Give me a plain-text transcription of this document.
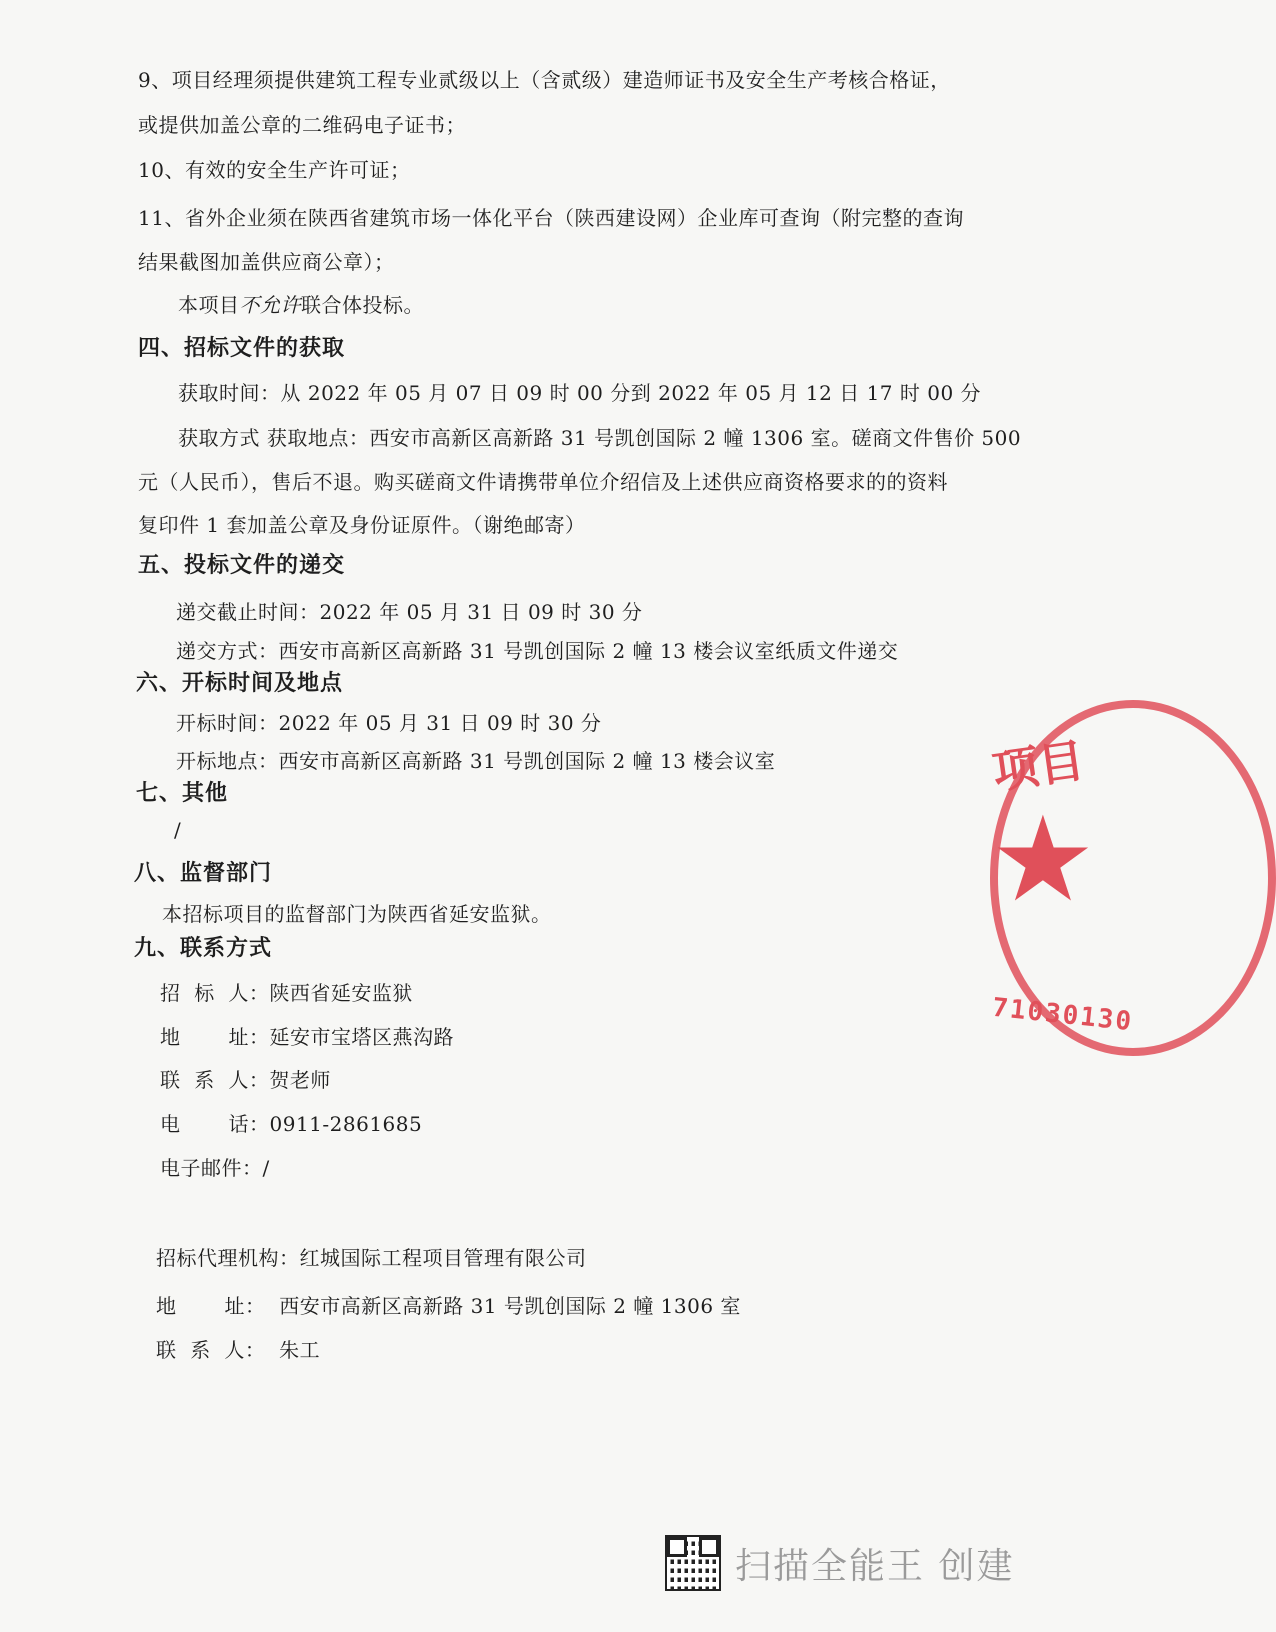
9、项目经理须提供建筑工程专业贰级以上（含贰级）建造师证书及安全生产考核合格证，
或提供加盖公章的二维码电子证书；
10、有效的安全生产许可证；
11、省外企业须在陕西省建筑市场一体化平台（陕西建设网）企业库可查询（附完整的查询
结果截图加盖供应商公章）；
本项目不允许联合体投标。
四、招标文件的获取
获取时间：从 2022 年 05 月 07 日 09 时 00 分到 2022 年 05 月 12 日 17 时 00 分
获取方式 获取地点：西安市高新区高新路 31 号凯创国际 2 幢 1306 室。磋商文件售价 500
元（人民币），售后不退。购买磋商文件请携带单位介绍信及上述供应商资格要求的的资料
复印件 1 套加盖公章及身份证原件。（谢绝邮寄）
五、投标文件的递交
递交截止时间：2022 年 05 月 31 日 09 时 30 分
递交方式：西安市高新区高新路 31 号凯创国际 2 幢 13 楼会议室纸质文件递交
六、开标时间及地点
开标时间：2022 年 05 月 31 日 09 时 30 分
开标地点：西安市高新区高新路 31 号凯创国际 2 幢 13 楼会议室
七、其他
/
八、监督部门
本招标项目的监督部门为陕西省延安监狱。
九、联系方式
招  标  人：陕西省延安监狱
地       址：延安市宝塔区燕沟路
联  系  人：贺老师
电       话：0911-2861685
电子邮件：/
招标代理机构：红城国际工程项目管理有限公司
地       址：  西安市高新区高新路 31 号凯创国际 2 幢 1306 室
联  系  人：  朱工
项目
★
71030130
扫描全能王 创建
